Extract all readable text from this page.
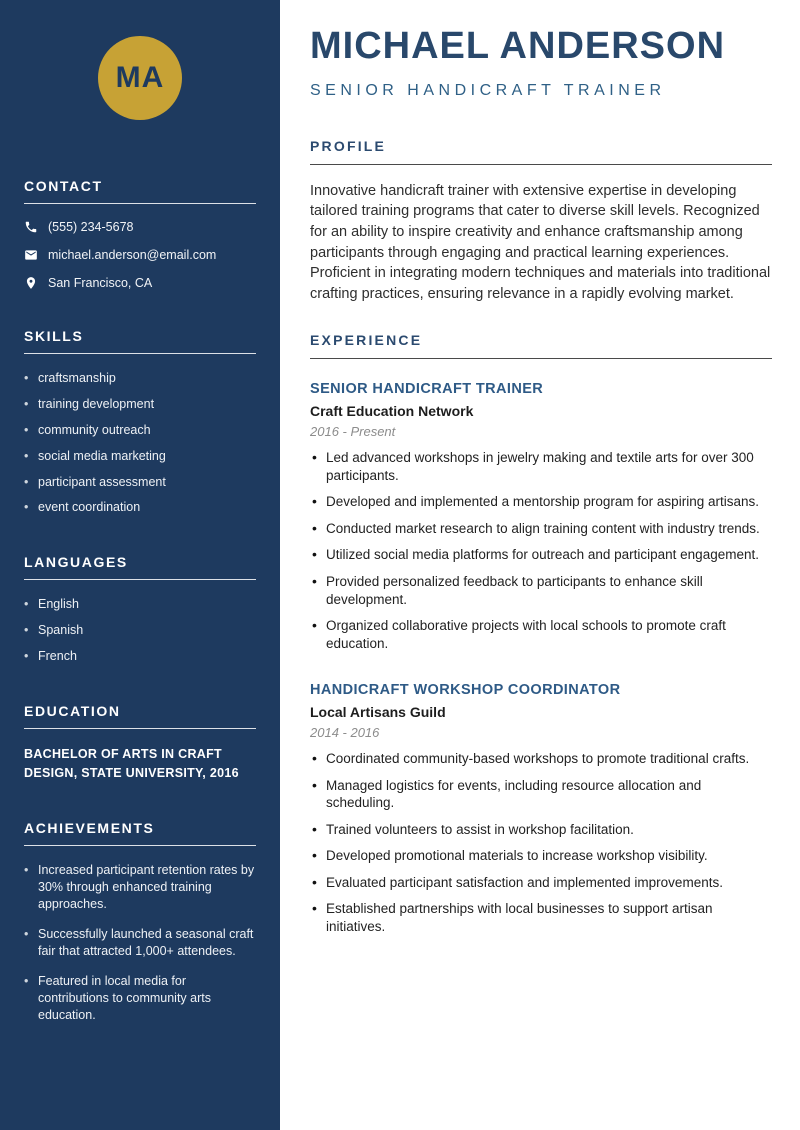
MA
CONTACT
(555) 234-5678
michael.anderson@email.com
San Francisco, CA
SKILLS
• craftsmanship
• training development
• community outreach
• social media marketing
• participant assessment
• event coordination
LANGUAGES
• English
• Spanish
• French
EDUCATION
BACHELOR OF ARTS IN CRAFT DESIGN, STATE UNIVERSITY, 2016
ACHIEVEMENTS
• Increased participant retention rates by 30% through enhanced training approaches.
• Successfully launched a seasonal craft fair that attracted 1,000+ attendees.
• Featured in local media for contributions to community arts education.
MICHAEL ANDERSON
SENIOR HANDICRAFT TRAINER
PROFILE

Innovative handicraft trainer with extensive expertise in developing tailored training programs that cater to diverse skill levels. Recognized for an ability to inspire creativity and enhance craftsmanship among participants through engaging and practical learning experiences. Proficient in integrating modern techniques and materials into traditional crafting practices, ensuring relevance in a rapidly evolving market.

EXPERIENCE
SENIOR HANDICRAFT TRAINER
Craft Education Network
2016 - Present
• Led advanced workshops in jewelry making and textile arts for over 300 participants.
• Developed and implemented a mentorship program for aspiring artisans.
• Conducted market research to align training content with industry trends.
• Utilized social media platforms for outreach and participant engagement.
• Provided personalized feedback to participants to enhance skill development.
• Organized collaborative projects with local schools to promote craft education.
HANDICRAFT WORKSHOP COORDINATOR
Local Artisans Guild
2014 - 2016
• Coordinated community-based workshops to promote traditional crafts.
• Managed logistics for events, including resource allocation and scheduling.
• Trained volunteers to assist in workshop facilitation.
• Developed promotional materials to increase workshop visibility.
• Evaluated participant satisfaction and implemented improvements.
• Established partnerships with local businesses to support artisan initiatives.
